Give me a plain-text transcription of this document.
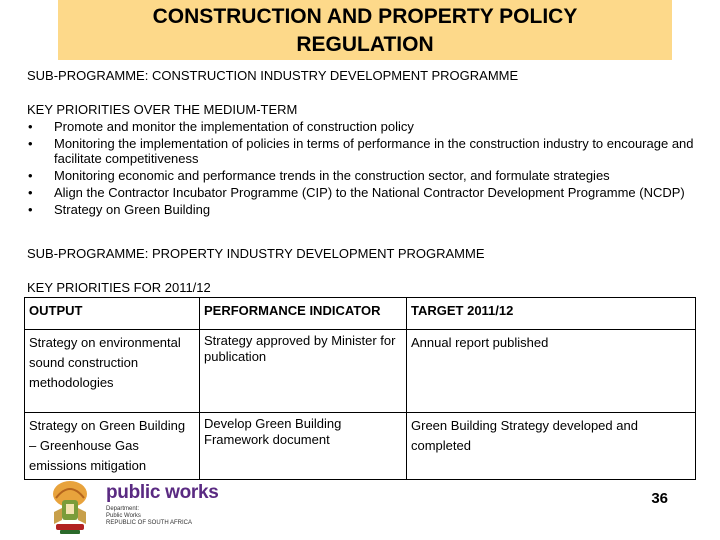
CONSTRUCTION AND PROPERTY POLICY
REGULATION
SUB-PROGRAMME: CONSTRUCTION INDUSTRY DEVELOPMENT PROGRAMME
KEY PRIORITIES OVER THE MEDIUM-TERM
• Promote and monitor the implementation of construction policy
• Monitoring the implementation of policies in terms of performance in the construction industry to encourage and facilitate competitiveness
• Monitoring economic and performance trends in the construction sector, and formulate strategies
• Align the Contractor Incubator Programme (CIP) to the National Contractor Development Programme (NCDP)
• Strategy on Green Building
SUB-PROGRAMME: PROPERTY INDUSTRY DEVELOPMENT PROGRAMME
KEY PRIORITIES FOR 2011/12
OUTPUT	PERFORMANCE INDICATOR	TARGET 2011/12
Strategy on environmental sound construction methodologies	Strategy approved by Minister for publication	Annual report published
Strategy on Green Building – Greenhouse Gas emissions mitigation	Develop Green Building Framework document	Green Building Strategy developed and completed
public works
Department:
Public Works
REPUBLIC OF SOUTH AFRICA
36
